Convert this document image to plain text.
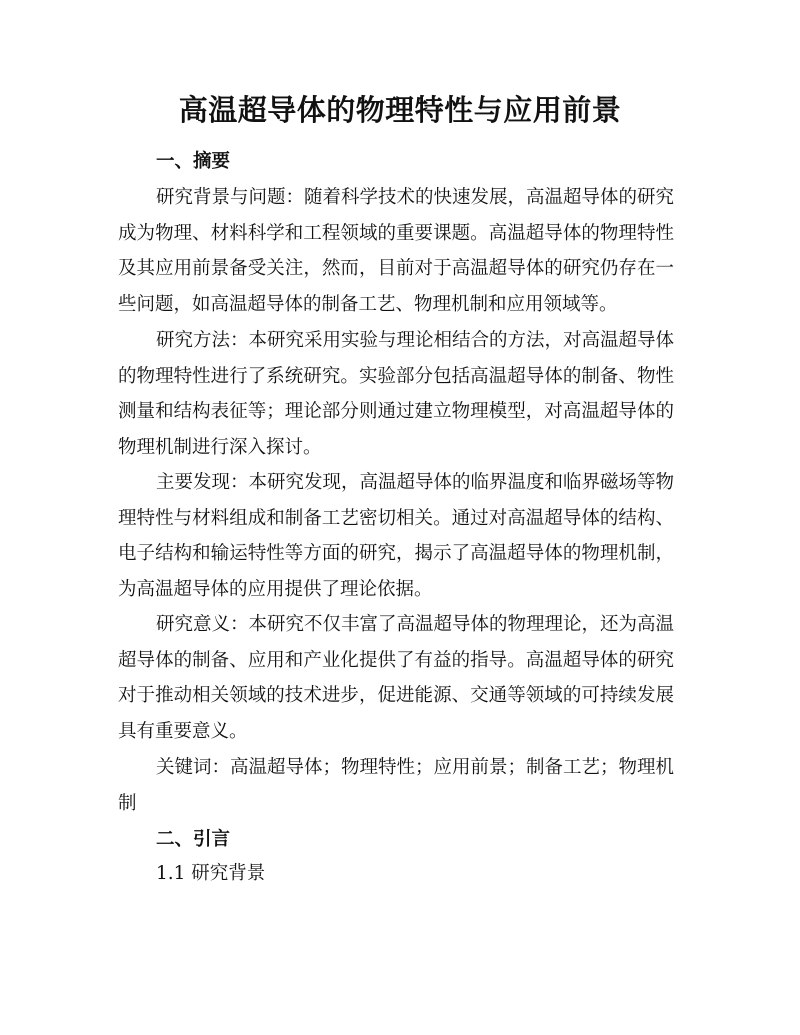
高温超导体的物理特性与应用前景
一、摘要

研究背景与问题：随着科学技术的快速发展，高温超导体的研究成为物理、材料科学和工程领域的重要课题。高温超导体的物理特性及其应用前景备受关注，然而，目前对于高温超导体的研究仍存在一些问题，如高温超导体的制备工艺、物理机制和应用领域等。

研究方法：本研究采用实验与理论相结合的方法，对高温超导体的物理特性进行了系统研究。实验部分包括高温超导体的制备、物性测量和结构表征等；理论部分则通过建立物理模型，对高温超导体的物理机制进行深入探讨。

主要发现：本研究发现，高温超导体的临界温度和临界磁场等物理特性与材料组成和制备工艺密切相关。通过对高温超导体的结构、电子结构和输运特性等方面的研究，揭示了高温超导体的物理机制，为高温超导体的应用提供了理论依据。

研究意义：本研究不仅丰富了高温超导体的物理理论，还为高温超导体的制备、应用和产业化提供了有益的指导。高温超导体的研究对于推动相关领域的技术进步，促进能源、交通等领域的可持续发展具有重要意义。

关键词：高温超导体；物理特性；应用前景；制备工艺；物理机制

二、引言
1.1 研究背景
